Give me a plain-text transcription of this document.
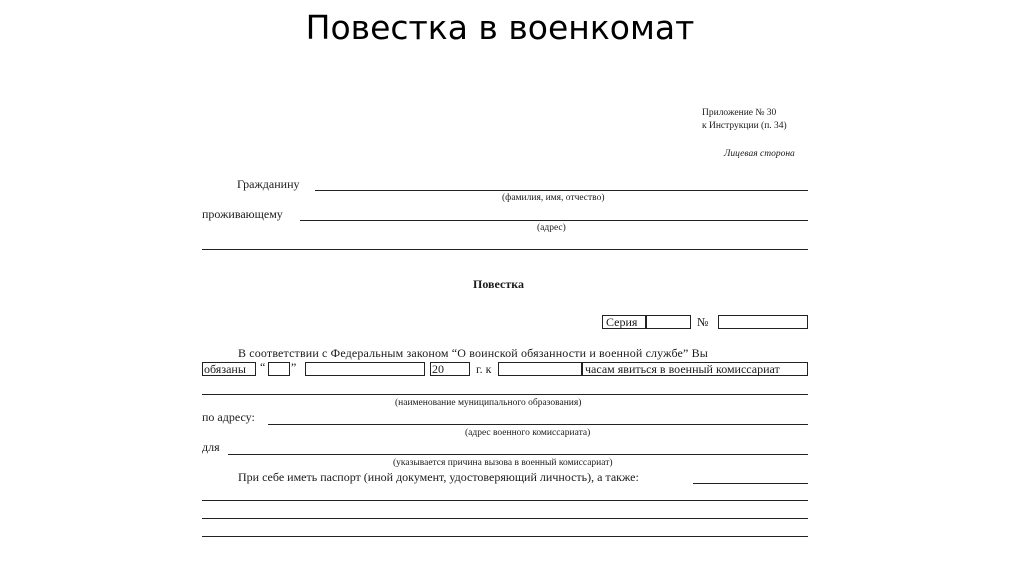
Повестка в военкомат
Приложение № 30
к Инструкции (п. 34)
Лицевая сторона
Гражданину
(фамилия, имя, отчество)
проживающему
(адрес)
Повестка
Серия	№
В соответствии с Федеральным законом “О воинской обязанности и военной службе” Вы
обязаны “ ”	20	г. к	часам явиться в военный комиссариат
(наименование муниципального образования)
по адресу:
(адрес военного комиссариата)
для
(указывается причина вызова в военный комиссариат)
При себе иметь паспорт (иной документ, удостоверяющий личность), а также:
